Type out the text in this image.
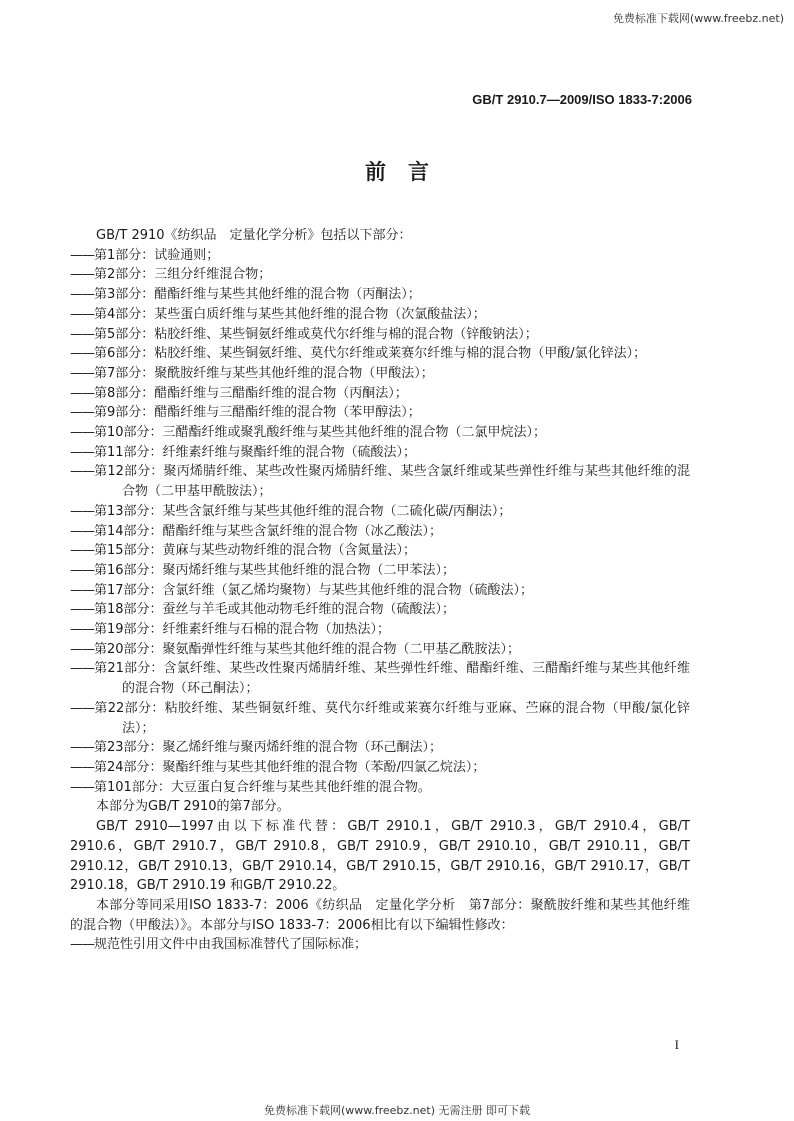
免费标准下载网(www.freebz.net)
GB/T 2910.7—2009/ISO 1833-7:2006
前言
GB/T 2910《纺织品　定量化学分析》包括以下部分：
——第1部分：试验通则；
——第2部分：三组分纤维混合物；
——第3部分：醋酯纤维与某些其他纤维的混合物（丙酮法）；
——第4部分：某些蛋白质纤维与某些其他纤维的混合物（次氯酸盐法）；
——第5部分：粘胶纤维、某些铜氨纤维或莫代尔纤维与棉的混合物（锌酸钠法）；
——第6部分：粘胶纤维、某些铜氨纤维、莫代尔纤维或莱赛尔纤维与棉的混合物（甲酸/氯化锌法）；
——第7部分：聚酰胺纤维与某些其他纤维的混合物（甲酸法）；
——第8部分：醋酯纤维与三醋酯纤维的混合物（丙酮法）；
——第9部分：醋酯纤维与三醋酯纤维的混合物（苯甲醇法）；
——第10部分：三醋酯纤维或聚乳酸纤维与某些其他纤维的混合物（二氯甲烷法）；
——第11部分：纤维素纤维与聚酯纤维的混合物（硫酸法）；
——第12部分：聚丙烯腈纤维、某些改性聚丙烯腈纤维、某些含氯纤维或某些弹性纤维与某些其他纤维的混合物（二甲基甲酰胺法）；
——第13部分：某些含氯纤维与某些其他纤维的混合物（二硫化碳/丙酮法）；
——第14部分：醋酯纤维与某些含氯纤维的混合物（冰乙酸法）；
——第15部分：黄麻与某些动物纤维的混合物（含氮量法）；
——第16部分：聚丙烯纤维与某些其他纤维的混合物（二甲苯法）；
——第17部分：含氯纤维（氯乙烯均聚物）与某些其他纤维的混合物（硫酸法）；
——第18部分：蚕丝与羊毛或其他动物毛纤维的混合物（硫酸法）；
——第19部分：纤维素纤维与石棉的混合物（加热法）；
——第20部分：聚氨酯弹性纤维与某些其他纤维的混合物（二甲基乙酰胺法）；
——第21部分：含氯纤维、某些改性聚丙烯腈纤维、某些弹性纤维、醋酯纤维、三醋酯纤维与某些其他纤维的混合物（环己酮法）；
——第22部分：粘胶纤维、某些铜氨纤维、莫代尔纤维或莱赛尔纤维与亚麻、苎麻的混合物（甲酸/氯化锌法）；
——第23部分：聚乙烯纤维与聚丙烯纤维的混合物（环己酮法）；
——第24部分：聚酯纤维与某些其他纤维的混合物（苯酚/四氯乙烷法）；
——第101部分：大豆蛋白复合纤维与某些其他纤维的混合物。
本部分为GB/T 2910的第7部分。
GB/T 2910—1997由以下标准代替：GB/T 2910.1，GB/T 2910.3，GB/T 2910.4，GB/T 2910.6，GB/T 2910.7，GB/T 2910.8，GB/T 2910.9，GB/T 2910.10，GB/T 2910.11，GB/T 2910.12，GB/T 2910.13，GB/T 2910.14，GB/T 2910.15，GB/T 2910.16，GB/T 2910.17，GB/T 2910.18，GB/T 2910.19 和GB/T 2910.22。
本部分等同采用ISO 1833-7：2006《纺织品　定量化学分析　第7部分：聚酰胺纤维和某些其他纤维的混合物（甲酸法）》。本部分与ISO 1833-7：2006相比有以下编辑性修改：
——规范性引用文件中由我国标准替代了国际标准；
I
免费标准下载网(www.freebz.net) 无需注册 即可下载
